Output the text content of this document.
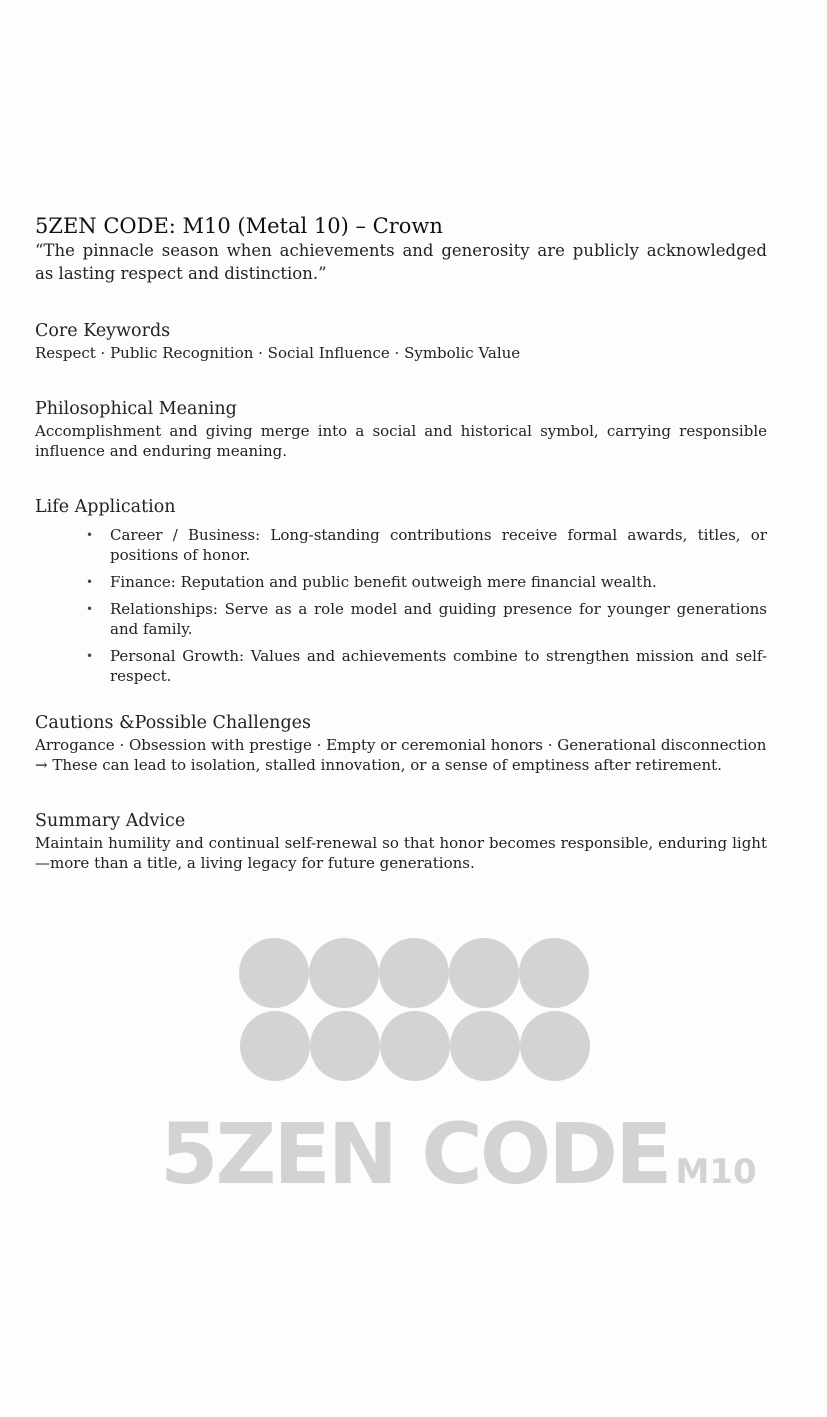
5ZEN CODE: M10 (Metal 10) – Crown

“The pinnacle season when achievements and generosity are publicly acknowledged as lasting respect and distinction.”

Core Keywords
Respect · Public Recognition · Social Influence · Symbolic Value
Philosophical Meaning
Accomplishment and giving merge into a social and historical symbol, carrying responsible influence and enduring meaning.
Life Application
• Career / Business: Long-standing contributions receive formal awards, titles, or positions of honor.
• Finance: Reputation and public benefit outweigh mere financial wealth.
• Relationships: Serve as a role model and guiding presence for younger generations and family.
• Personal Growth: Values and achievements combine to strengthen mission and self-respect.
Cautions &Possible Challenges

Arrogance · Obsession with prestige · Empty or ceremonial honors · Generational disconnection

→ These can lead to isolation, stalled innovation, or a sense of emptiness after retirement.

Summary Advice
Maintain humility and continual self-renewal so that honor becomes responsible, enduring light—more than a title, a living legacy for future generations.
5ZEN CODE M10
